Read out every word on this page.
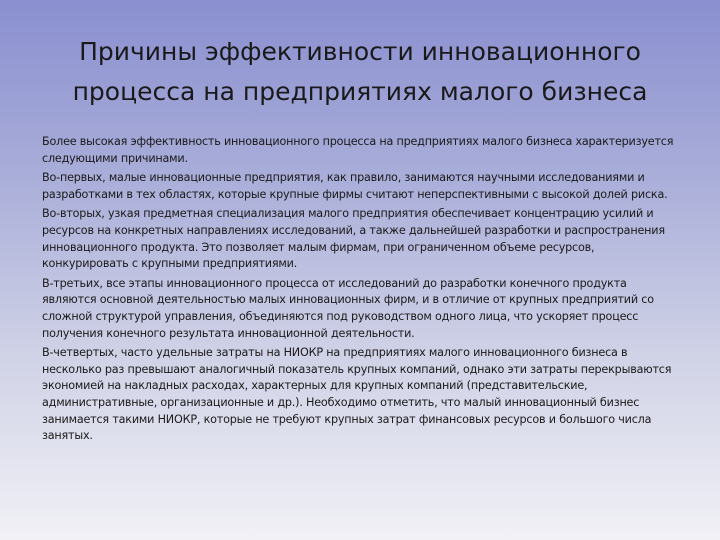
Причины эффективности инновационного
процесса на предприятиях малого бизнеса

Более высокая эффективность инновационного процесса на предприятиях малого бизнеса характеризуется следующими причинами.

Во-первых, малые инновационные предприятия, как правило, занимаются научными исследованиями и разработками в тех областях, которые крупные фирмы считают неперспективными с высокой долей риска.

Во-вторых, узкая предметная специализация малого предприятия обеспечивает концентрацию усилий и ресурсов на конкретных направлениях исследований, а также дальнейшей разработки и распространения инновационного продукта. Это позволяет малым фирмам, при ограниченном объеме ресурсов, конкурировать с крупными предприятиями.

В-третьих, все этапы инновационного процесса от исследований до разработки конечного продукта являются основной деятельностью малых инновационных фирм, и в отличие от крупных предприятий со сложной структурой управления, объединяются под руководством одного лица, что ускоряет процесс получения конечного результата инновационной деятельности.

В-четвертых, часто удельные затраты на НИОКР на предприятиях малого инновационного бизнеса в несколько раз превышают аналогичный показатель крупных компаний, однако эти затраты перекрываются экономией на накладных расходах, характерных для крупных компаний (представительские, административные, организационные и др.). Необходимо отметить, что малый инновационный бизнес занимается такими НИОКР, которые не требуют крупных затрат финансовых ресурсов и большого числа занятых.
